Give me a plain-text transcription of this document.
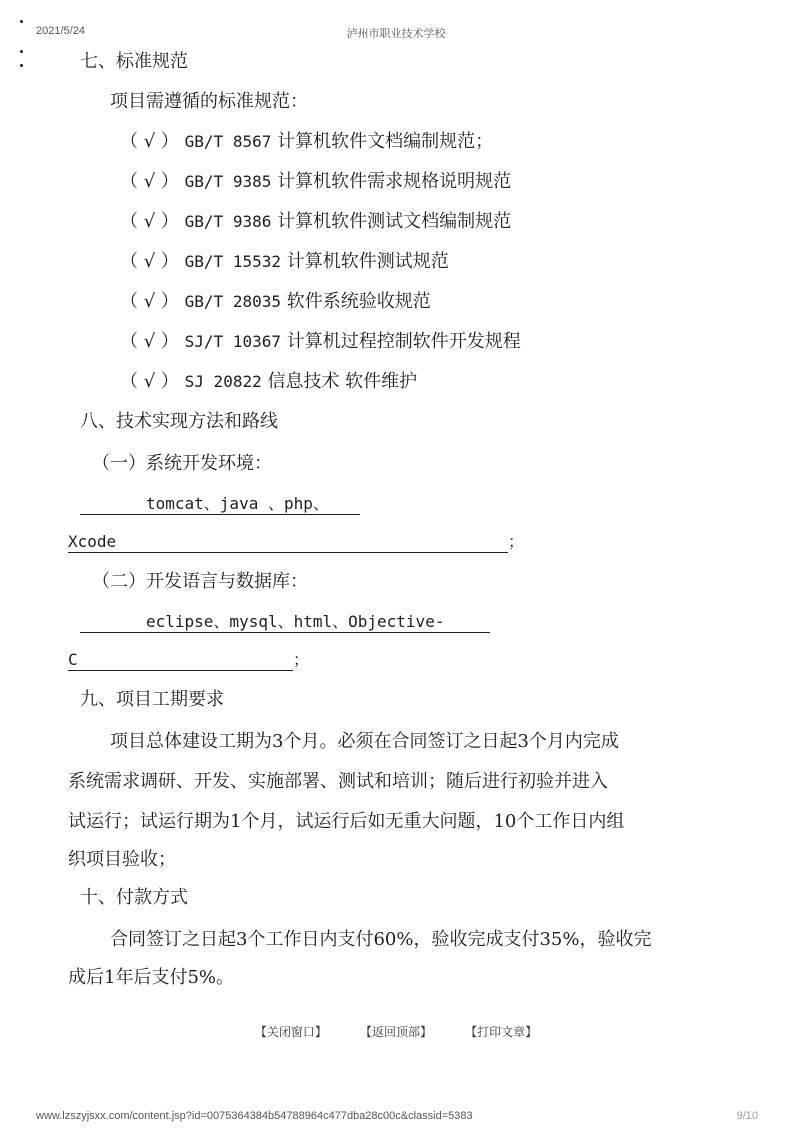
2021/5/24	泸州市职业技术学校
七、标准规范
项目需遵循的标准规范：
（ √ ） GB/T 8567 计算机软件文档编制规范；
（ √ ） GB/T 9385 计算机软件需求规格说明规范
（ √ ） GB/T 9386 计算机软件测试文档编制规范
（ √ ） GB/T 15532 计算机软件测试规范
（ √ ） GB/T 28035 软件系统验收规范
（ √ ） SJ/T 10367 计算机过程控制软件开发规程
（ √ ） SJ 20822 信息技术 软件维护
八、技术实现方法和路线
（一）系统开发环境：
tomcat、java 、php、
Xcode	；
（二）开发语言与数据库：
eclipse、mysql、html、Objective-
C	；
九、项目工期要求
项目总体建设工期为3个月。必须在合同签订之日起3个月内完成
系统需求调研、开发、实施部署、测试和培训；随后进行初验并进入
试运行；试运行期为1个月，试运行后如无重大问题，10个工作日内组
织项目验收；
十、付款方式
合同签订之日起3个工作日内支付60%，验收完成支付35%，验收完
成后1年后支付5%。
【关闭窗口】	【返回顶部】	【打印文章】
www.lzszyjsxx.com/content.jsp?id=0075364384b54788964c477dba28c00c&classid=5383	9/10
